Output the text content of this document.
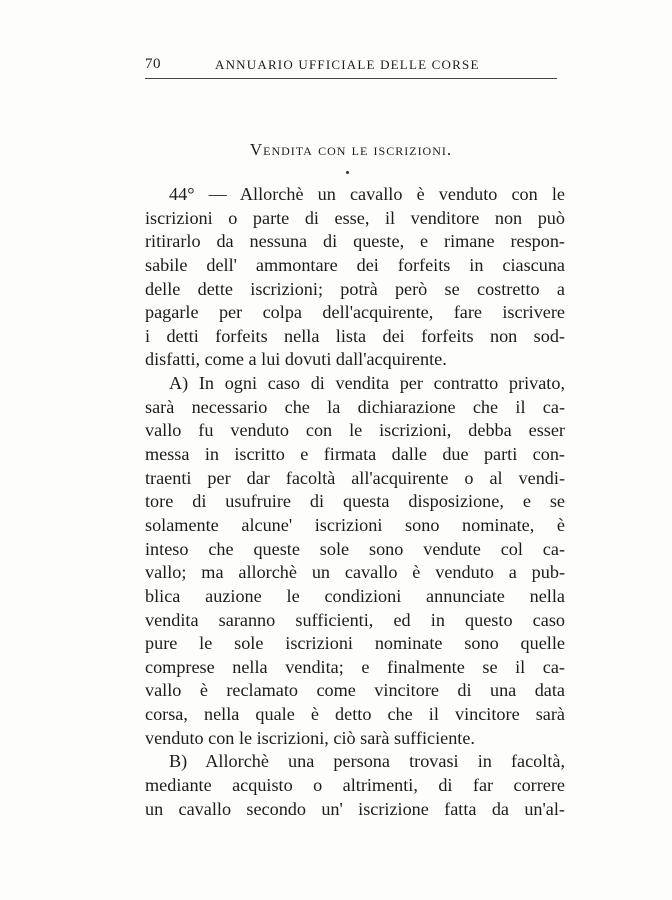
70	ANNUARIO UFFICIALE DELLE CORSE
Vendita con le iscrizioni.
44° — Allorchè un cavallo è venduto con le
iscrizioni o parte di esse, il venditore non può
ritirarlo da nessuna di queste, e rimane respon-
sabile dell' ammontare dei forfeits in ciascuna
delle dette iscrizioni; potrà però se costretto a
pagarle per colpa dell'acquirente, fare iscrivere
i detti forfeits nella lista dei forfeits non sod-
disfatti, come a lui dovuti dall'acquirente.
A) In ogni caso di vendita per contratto privato,
sarà necessario che la dichiarazione che il ca-
vallo fu venduto con le iscrizioni, debba esser
messa in iscritto e firmata dalle due parti con-
traenti per dar facoltà all'acquirente o al vendi-
tore di usufruire di questa disposizione, e se
solamente alcune' iscrizioni sono nominate, è
inteso che queste sole sono vendute col ca-
vallo; ma allorchè un cavallo è venduto a pub-
blica auzione le condizioni annunciate nella
vendita saranno sufficienti, ed in questo caso
pure le sole iscrizioni nominate sono quelle
comprese nella vendita; e finalmente se il ca-
vallo è reclamato come vincitore di una data
corsa, nella quale è detto che il vincitore sarà
venduto con le iscrizioni, ciò sarà sufficiente.
B) Allorchè una persona trovasi in facoltà,
mediante acquisto o altrimenti, di far correre
un cavallo secondo un' iscrizione fatta da un'al-
